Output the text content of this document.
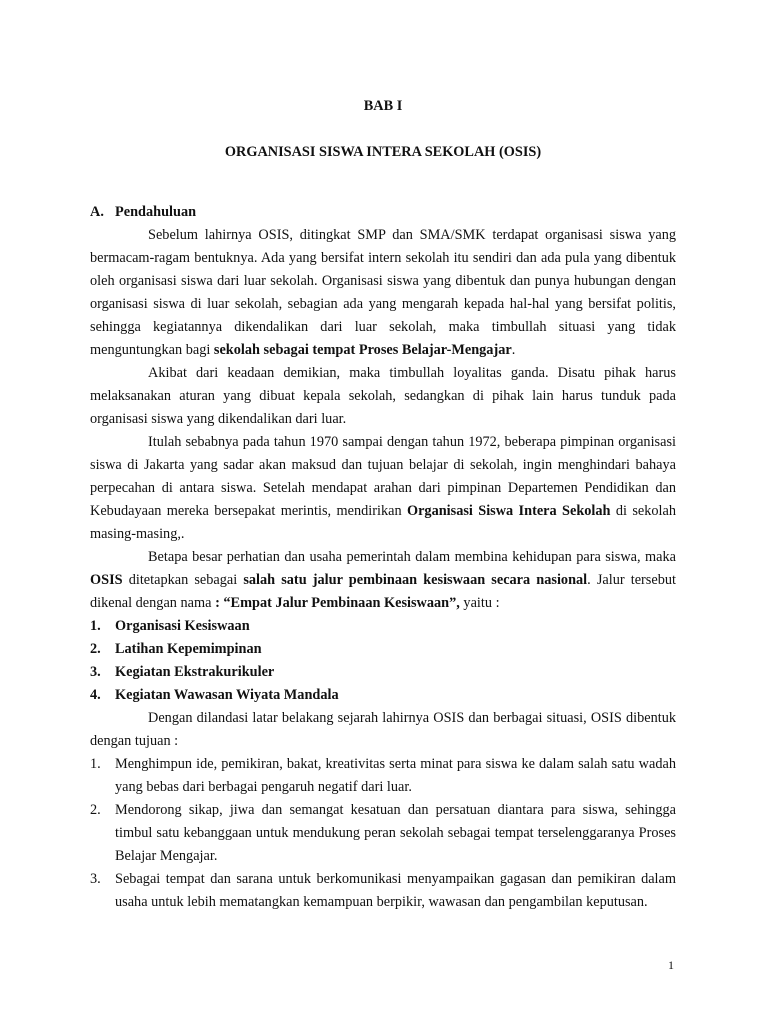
BAB I
ORGANISASI SISWA INTERA SEKOLAH (OSIS)
A. Pendahuluan

Sebelum lahirnya OSIS, ditingkat SMP dan SMA/SMK terdapat organisasi siswa yang bermacam-ragam bentuknya. Ada yang bersifat intern sekolah itu sendiri dan ada pula yang dibentuk oleh organisasi siswa dari luar sekolah. Organisasi siswa yang dibentuk dan punya hubungan dengan organisasi siswa di luar sekolah, sebagian ada yang mengarah kepada hal-hal yang bersifat politis, sehingga kegiatannya dikendalikan dari luar sekolah, maka timbullah situasi yang tidak menguntungkan bagi sekolah sebagai tempat Proses Belajar-Mengajar.

Akibat dari keadaan demikian, maka timbullah loyalitas ganda. Disatu pihak harus melaksanakan aturan yang dibuat kepala sekolah, sedangkan di pihak lain harus tunduk pada organisasi siswa yang dikendalikan dari luar.

Itulah sebabnya pada tahun 1970 sampai dengan tahun 1972, beberapa pimpinan organisasi siswa di Jakarta yang sadar akan maksud dan tujuan belajar di sekolah, ingin menghindari bahaya perpecahan di antara siswa. Setelah mendapat arahan dari pimpinan Departemen Pendidikan dan Kebudayaan mereka bersepakat merintis, mendirikan Organisasi Siswa Intera Sekolah di sekolah masing-masing,.

Betapa besar perhatian dan usaha pemerintah dalam membina kehidupan para siswa, maka OSIS ditetapkan sebagai salah satu jalur pembinaan kesiswaan secara nasional. Jalur tersebut dikenal dengan nama : “Empat Jalur Pembinaan Kesiswaan”, yaitu :

1. Organisasi Kesiswaan
2. Latihan Kepemimpinan
3. Kegiatan Ekstrakurikuler
4. Kegiatan Wawasan Wiyata Mandala

Dengan dilandasi latar belakang sejarah lahirnya OSIS dan berbagai situasi, OSIS dibentuk dengan tujuan :

1. Menghimpun ide, pemikiran, bakat, kreativitas serta minat para siswa ke dalam salah satu wadah yang bebas dari berbagai pengaruh negatif dari luar.
2. Mendorong sikap, jiwa dan semangat kesatuan dan persatuan diantara para siswa, sehingga timbul satu kebanggaan untuk mendukung peran sekolah sebagai tempat terselenggaranya Proses Belajar Mengajar.
3. Sebagai tempat dan sarana untuk berkomunikasi menyampaikan gagasan dan pemikiran dalam usaha untuk lebih mematangkan kemampuan berpikir, wawasan dan pengambilan keputusan.
1
